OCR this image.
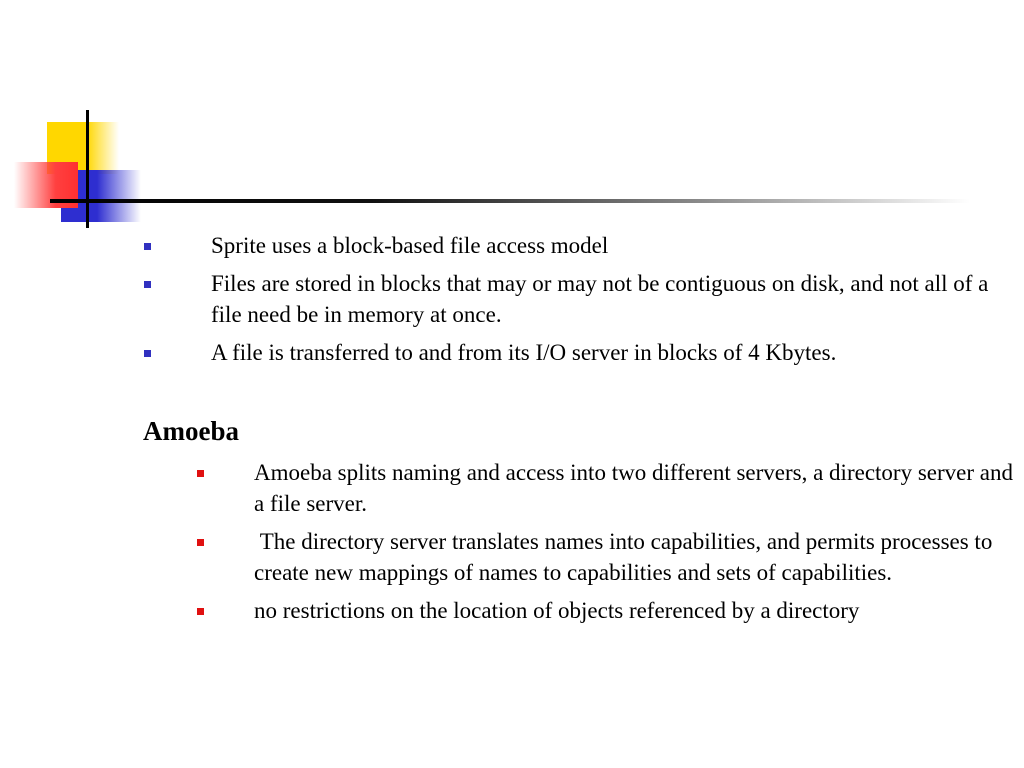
Sprite uses a block-based file access model
Files are stored in blocks that may or may not be contiguous on disk, and not all of a file need be in memory at once.
A file is transferred to and from its I/O server in blocks of 4 Kbytes.
Amoeba
Amoeba splits naming and access into two different servers, a directory server and a file server.
The directory server translates names into capabilities, and permits processes to create new mappings of names to capabilities and sets of capabilities.
no restrictions on the location of objects referenced by a directory
